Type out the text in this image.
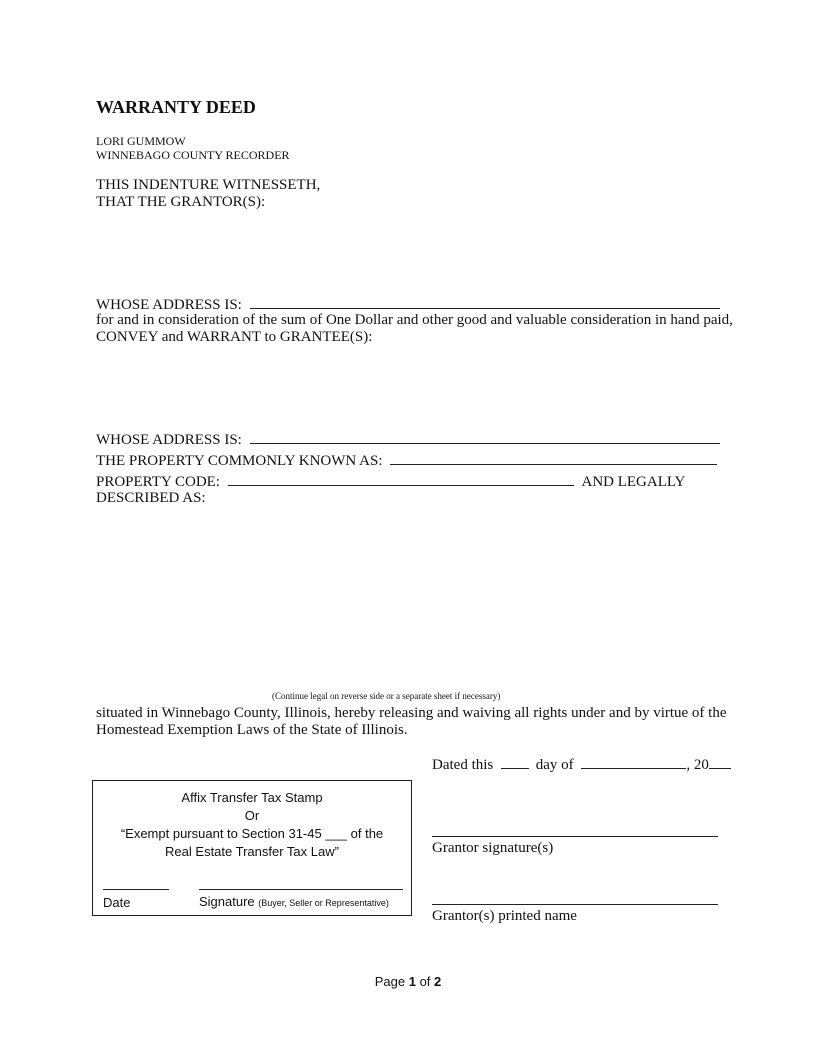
WARRANTY DEED
LORI GUMMOW
WINNEBAGO COUNTY RECORDER
THIS INDENTURE WITNESSETH,
THAT THE GRANTOR(S):
WHOSE ADDRESS IS:
for and in consideration of the sum of One Dollar and other good and valuable consideration in hand paid,
CONVEY and WARRANT to GRANTEE(S):
WHOSE ADDRESS IS:
THE PROPERTY COMMONLY KNOWN AS:
PROPERTY CODE:	AND LEGALLY
DESCRIBED AS:
(Continue legal on reverse side or a separate sheet if necessary)
situated in Winnebago County, Illinois, hereby releasing and waiving all rights under and by virtue of the
Homestead Exemption Laws of the State of Illinois.
Dated this	day of	, 20
Affix Transfer Tax Stamp
Or
“Exempt pursuant to Section 31-45 ___ of the
Real Estate Transfer Tax Law”
Date	Signature (Buyer, Seller or Representative)
Grantor signature(s)
Grantor(s) printed name
Page 1 of 2
